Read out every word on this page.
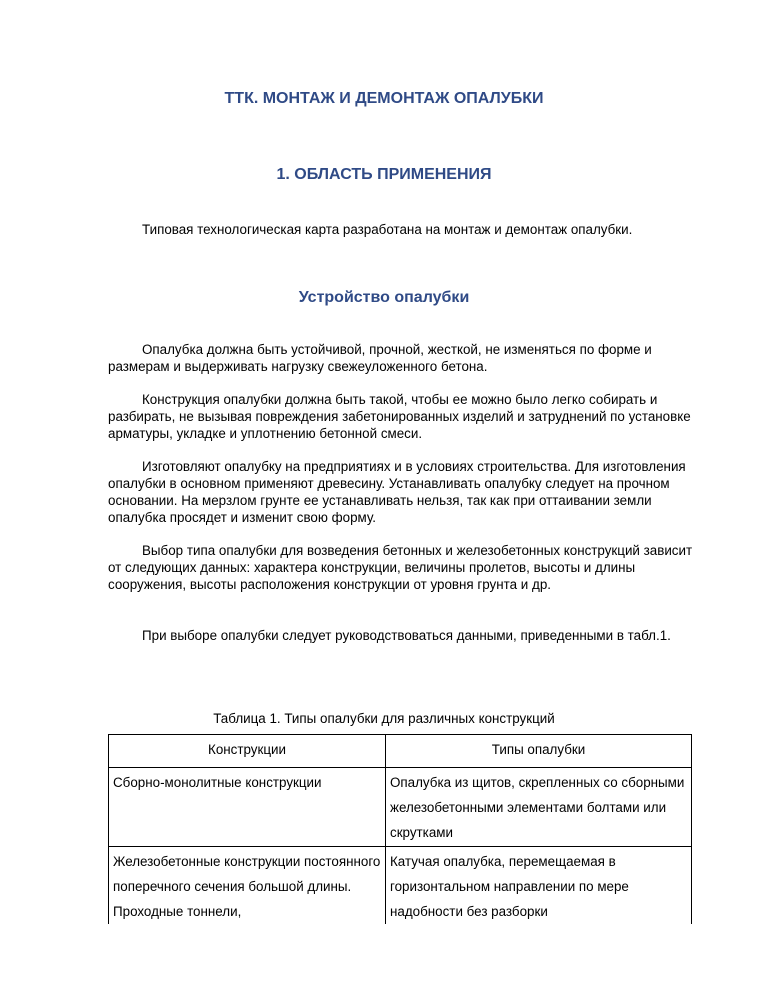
ТТК. МОНТАЖ И ДЕМОНТАЖ ОПАЛУБКИ
1. ОБЛАСТЬ ПРИМЕНЕНИЯ

Типовая технологическая карта разработана на монтаж и демонтаж опалубки.

Устройство опалубки

Опалубка должна быть устойчивой, прочной, жесткой, не изменяться по форме и размерам и выдерживать нагрузку свежеуложенного бетона.

Конструкция опалубки должна быть такой, чтобы ее можно было легко собирать и разбирать, не вызывая повреждения забетонированных изделий и затруднений по установке арматуры, укладке и уплотнению бетонной смеси.

Изготовляют опалубку на предприятиях и в условиях строительства. Для изготовления опалубки в основном применяют древесину. Устанавливать опалубку следует на прочном основании. На мерзлом грунте ее устанавливать нельзя, так как при оттаивании земли опалубка просядет и изменит свою форму.

Выбор типа опалубки для возведения бетонных и железобетонных конструкций зависит от следующих данных: характера конструкции, величины пролетов, высоты и длины сооружения, высоты расположения конструкции от уровня грунта и др.

При выборе опалубки следует руководствоваться данными, приведенными в табл.1.

Таблица 1. Типы опалубки для различных конструкций

Конструкции	Типы опалубки
Сборно-монолитные конструкции	Опалубка из щитов, скрепленных со сборными железобетонными элементами болтами или скрутками
Железобетонные конструкции постоянного поперечного сечения большой длины. Проходные тоннели,	Катучая опалубка, перемещаемая в горизонтальном направлении по мере надобности без разборки
